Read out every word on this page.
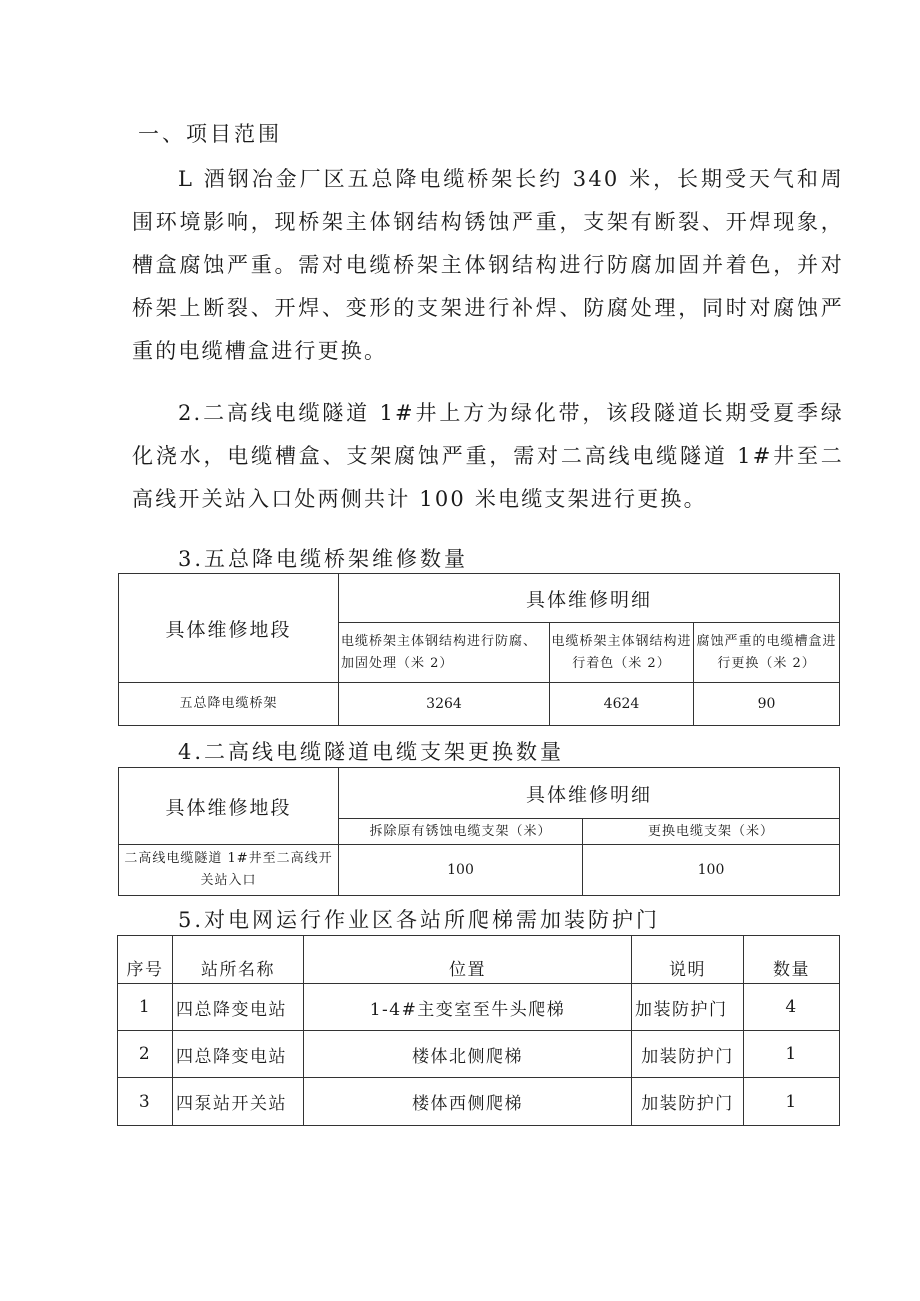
一、项目范围
L 酒钢冶金厂区五总降电缆桥架长约 340 米，长期受天气和周围环境影响，现桥架主体钢结构锈蚀严重，支架有断裂、开焊现象，槽盒腐蚀严重。需对电缆桥架主体钢结构进行防腐加固并着色，并对桥架上断裂、开焊、变形的支架进行补焊、防腐处理，同时对腐蚀严重的电缆槽盒进行更换。
2.二高线电缆隧道 1#井上方为绿化带，该段隧道长期受夏季绿化浇水，电缆槽盒、支架腐蚀严重，需对二高线电缆隧道 1#井至二高线开关站入口处两侧共计 100 米电缆支架进行更换。
3.五总降电缆桥架维修数量
具体维修地段	具体维修明细		
	电缆桥架主体钢结构进行防腐、加固处理（米 2）	电缆桥架主体钢结构进行着色（米 2）	腐蚀严重的电缆槽盒进行更换（米 2）
五总降电缆桥架	3264	4624	90
4.二高线电缆隧道电缆支架更换数量
具体维修地段	具体维修明细	
	拆除原有锈蚀电缆支架（米）	更换电缆支架（米）
二高线电缆隧道 1#井至二高线开关站入口	100	100
5.对电网运行作业区各站所爬梯需加装防护门
序号	站所名称	位置	说明	数量
1	四总降变电站	1-4#主变室至牛头爬梯	加装防护门	4
2	四总降变电站	楼体北侧爬梯	加装防护门	1
3	四泵站开关站	楼体西侧爬梯	加装防护门	1
